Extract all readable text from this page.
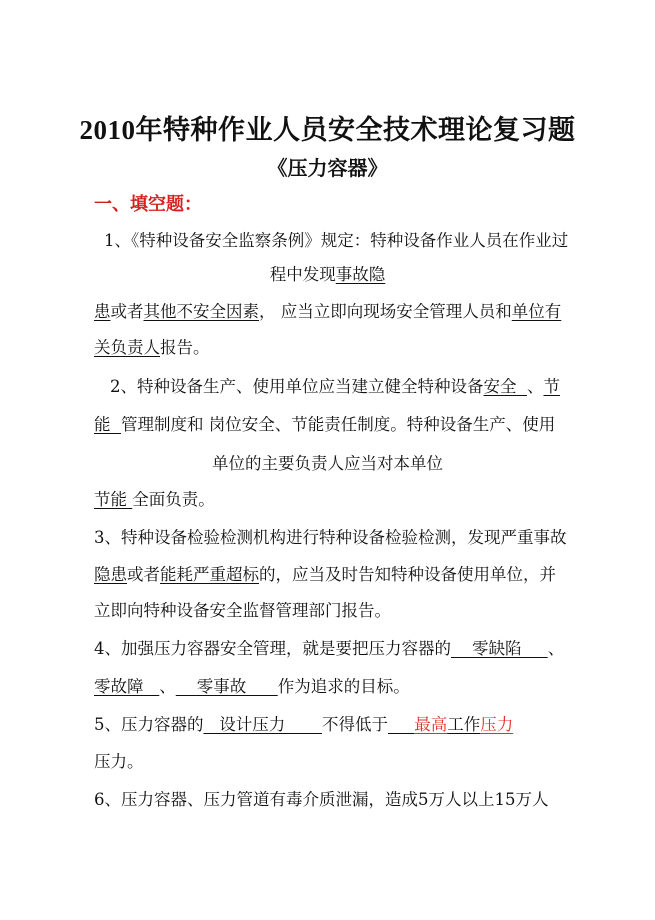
2010年特种作业人员安全技术理论复习题
《压力容器》
一、填空题：
1、《特种设备安全监察条例》规定：特种设备作业人员在作业过
程中发现事故隐
患或者其他不安全因素， 应当立即向现场安全管理人员和单位有
关负责人报告。
2、特种设备生产、使用单位应当建立健全特种设备安全  、节
能  管理制度和 岗位安全、节能责任制度。特种设备生产、使用
单位的主要负责人应当对本单位
节能 全面负责。
3、特种设备检验检测机构进行特种设备检验检测，发现严重事故
隐患或者能耗严重超标的，应当及时告知特种设备使用单位，并
立即向特种设备安全监督管理部门报告。
4、加强压力容器安全管理，就是要把压力容器的    零缺陷     、
零故障   、    零事故      作为追求的目标。
5、压力容器的   设计压力       不得低于 最高工作压力
压力。
6、压力容器、压力管道有毒介质泄漏，造成5万人以上15万人
